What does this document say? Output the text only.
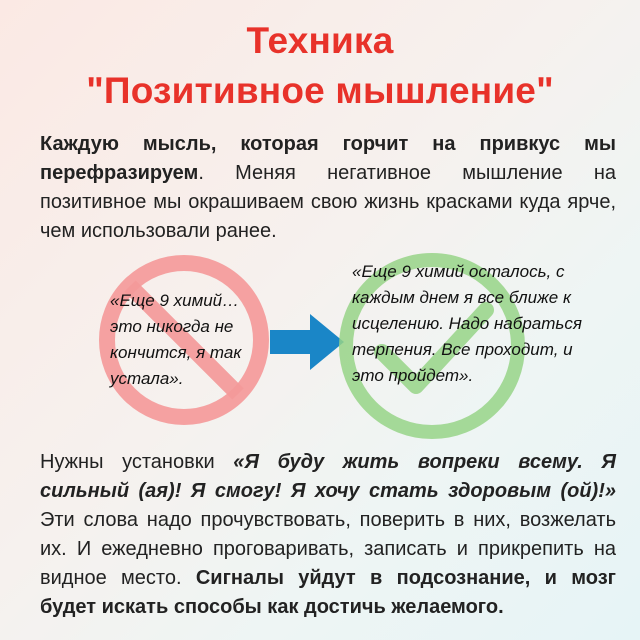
Техника
"Позитивное мышление"

Каждую мысль, которая горчит на привкус мы перефразируем. Меняя негативное мышление на позитивное мы окрашиваем свою жизнь красками куда ярче, чем использовали ранее.

«Еще 9 химий… это никогда не кончится, я так устала».

«Еще 9 химий осталось, с каждым днем я все ближе к исцелению. Надо набраться терпения. Все проходит, и это пройдет».

Нужны установки «Я буду жить вопреки всему. Я сильный (ая)! Я смогу! Я хочу стать здоровым (ой)!» Эти слова надо прочувствовать, поверить в них, возжелать их. И ежедневно проговаривать, записать и прикрепить на видное место. Сигналы уйдут в подсознание, и мозг будет искать способы как достичь желаемого.
